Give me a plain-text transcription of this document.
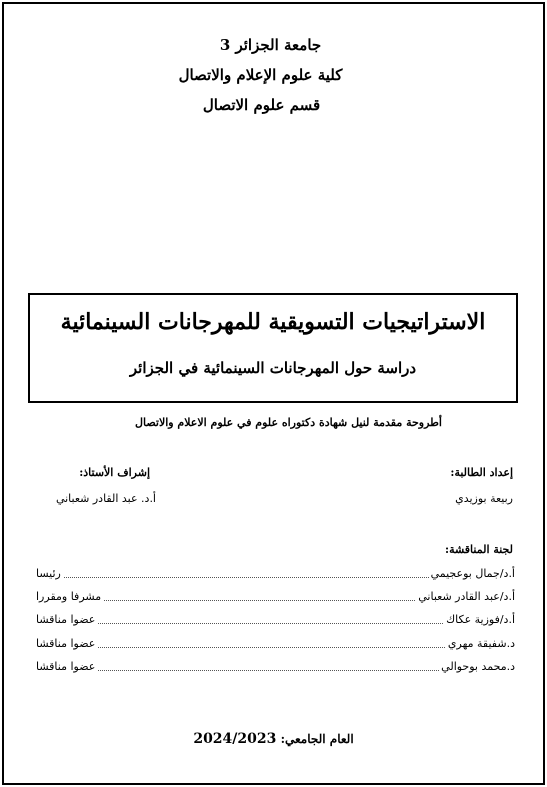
جامعة الجزائر 3
كلية علوم الإعلام والاتصال
قسم علوم الاتصال
الاستراتيجيات التسويقية للمهرجانات السينمائية
دراسة حول المهرجانات السينمائية في الجزائر
أطروحة مقدمة لنيل شهادة دكتوراه علوم في علوم الاعلام والاتصال
إعداد الطالبة:
إشراف الأستاذ:
ربيعة بوزيدي
أ.د. عبد القادر شعباني
لجنة المناقشة:
أ.د/جمال بوعجيمي
رئيسا
أ.د/عبد القادر شعباني
مشرفا ومقررا
أ.د/فوزية عكاك
عضوا مناقشا
د.شفيقة مهري
عضوا مناقشا
د.محمد بوحوالي
عضوا مناقشا
العام الجامعي: 2024/2023
